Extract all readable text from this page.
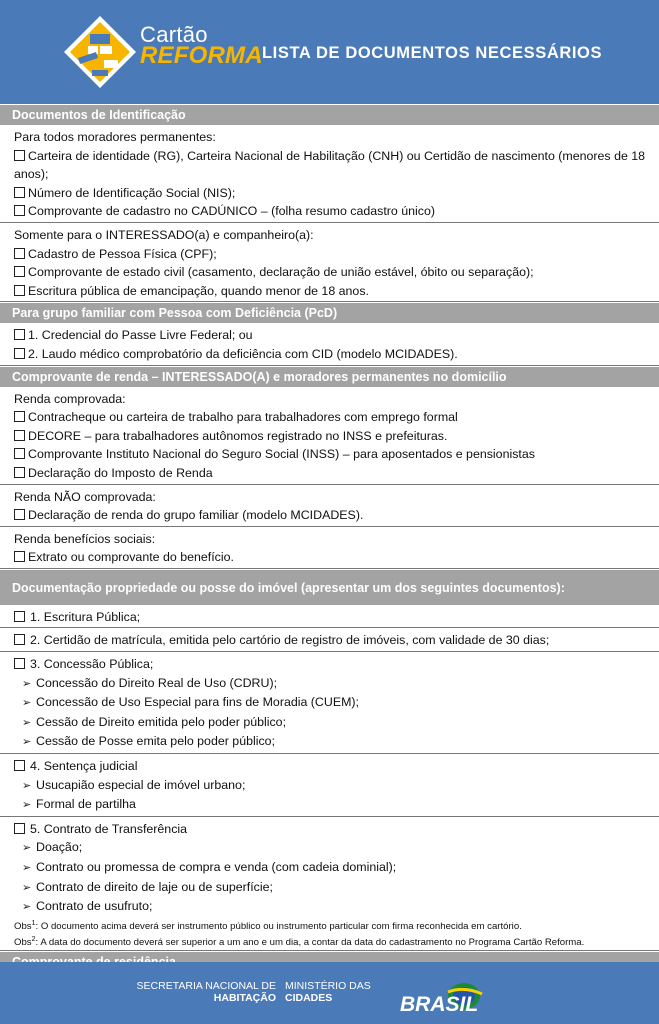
Cartão
REFORMA LISTA DE DOCUMENTOS NECESSÁRIOS
Documentos de Identificação
Para todos moradores permanentes:
Carteira de identidade (RG), Carteira Nacional de Habilitação (CNH) ou Certidão de nascimento (menores de 18 anos);
Número de Identificação Social (NIS);
Comprovante de cadastro no CADÚNICO – (folha resumo cadastro único)
Somente para o INTERESSADO(a) e companheiro(a):
Cadastro de Pessoa Física (CPF);
Comprovante de estado civil (casamento, declaração de união estável, óbito ou separação);
Escritura pública de emancipação, quando menor de 18 anos.
Para grupo familiar com Pessoa com Deficiência (PcD)
1. Credencial do Passe Livre Federal; ou
2. Laudo médico comprobatório da deficiência com CID (modelo MCIDADES).
Comprovante de renda – INTERESSADO(A) e moradores permanentes no domicílio
Renda comprovada:
Contracheque ou carteira de trabalho para trabalhadores com emprego formal
DECORE – para trabalhadores autônomos registrado no INSS e prefeituras.
Comprovante Instituto Nacional do Seguro Social (INSS) – para aposentados e pensionistas
Declaração do Imposto de Renda
Renda NÃO comprovada:
Declaração de renda do grupo familiar (modelo MCIDADES).
Renda benefícios sociais:
Extrato ou comprovante do benefício.
Documentação propriedade ou posse do imóvel (apresentar um dos seguintes documentos):
1. Escritura Pública;
2. Certidão de matrícula, emitida pelo cartório de registro de imóveis, com validade de 30 dias;
3. Concessão Pública;
➢ Concessão do Direito Real de Uso (CDRU);
➢ Concessão de Uso Especial para fins de Moradia (CUEM);
➢ Cessão de Direito emitida pelo poder público;
➢ Cessão de Posse emita pelo poder público;
4. Sentença judicial
➢ Usucapião especial de imóvel urbano;
➢ Formal de partilha
5. Contrato de Transferência
➢ Doação;
➢ Contrato ou promessa de compra e venda (com cadeia dominial);
➢ Contrato de direito de laje ou de superfície;
➢ Contrato de usufruto;
Obs$^1$: O documento acima deverá ser instrumento público ou instrumento particular com firma reconhecida em cartório.
Obs$^2$: A data do documento deverá ser superior a um ano e um dia, a contar da data do cadastramento no Programa Cartão Reforma.
SECRETARIA NACIONAL DE
HABITAÇÃO
MINISTÉRIO DAS
CIDADES	BRASIL
